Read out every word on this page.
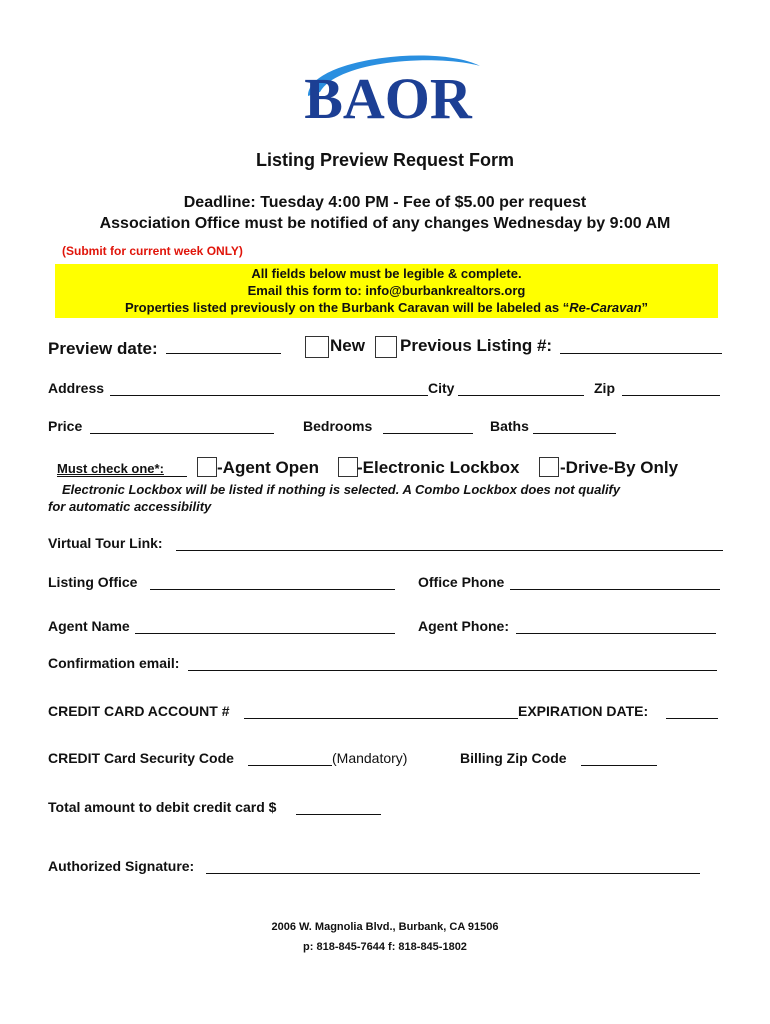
BAOR
Listing Preview Request Form
Deadline: Tuesday 4:00 PM - Fee of $5.00 per request
Association Office must be notified of any changes Wednesday by 9:00 AM
(Submit for current week ONLY)
All fields below must be legible & complete.
Email this form to: info@burbankrealtors.org
Properties listed previously on the Burbank Caravan will be labeled as “Re-Caravan”
Preview date:	New Previous Listing #:
Address	City	Zip
Price	Bedrooms	Baths
Must check one*:	-Agent Open -Electronic Lockbox -Drive-By Only
Electronic Lockbox will be listed if nothing is selected. A Combo Lockbox does not qualify
for automatic accessibility
Virtual Tour Link:
Listing Office	Office Phone
Agent Name	Agent Phone:
Confirmation email:
CREDIT CARD ACCOUNT #	EXPIRATION DATE:
CREDIT Card Security Code	(Mandatory)	Billing Zip Code
Total amount to debit credit card $
Authorized Signature:
2006 W. Magnolia Blvd., Burbank, CA 91506
p: 818-845-7644 f: 818-845-1802
